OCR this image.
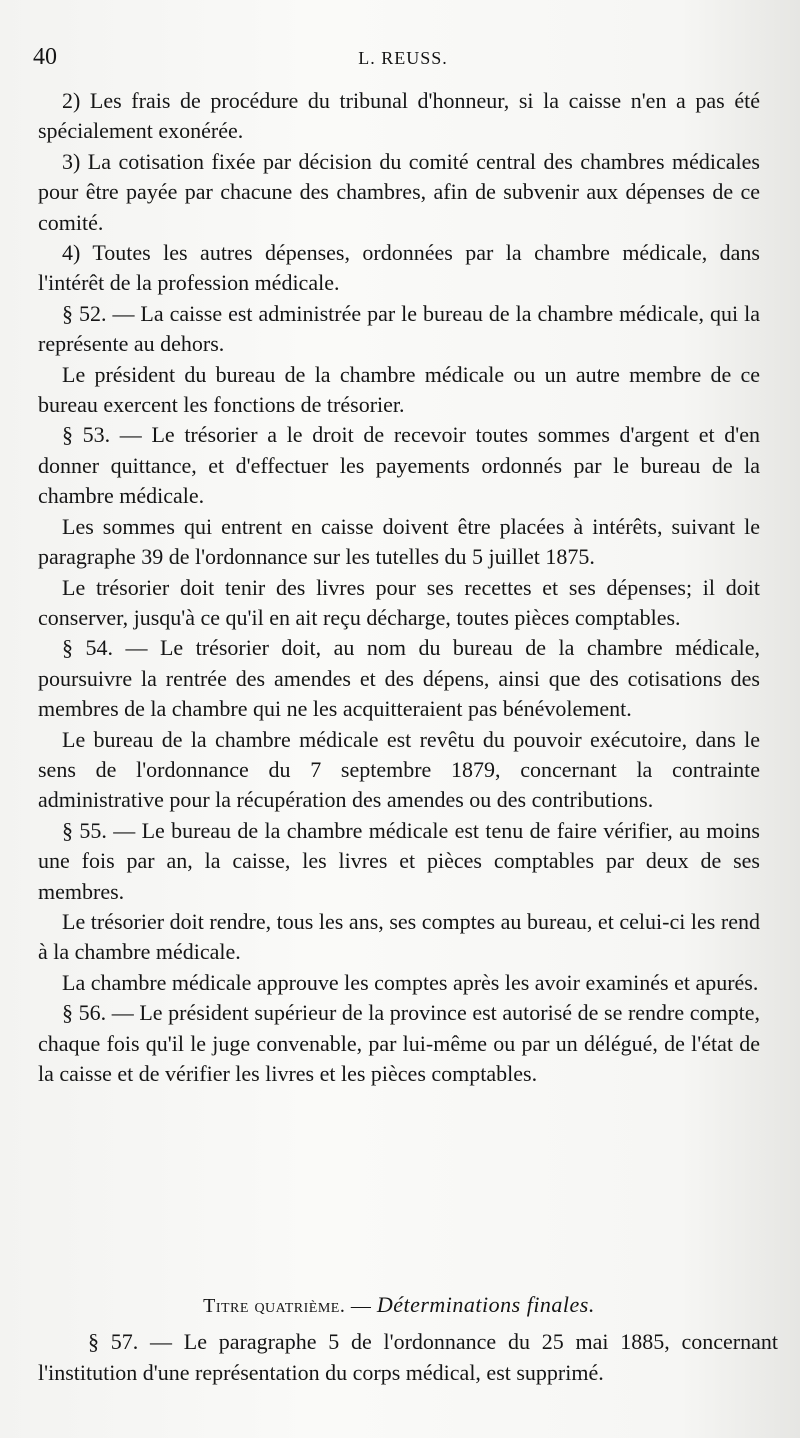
40	L. REUSS.

2) Les frais de procédure du tribunal d'honneur, si la caisse n'en a pas été spécialement exonérée.

3) La cotisation fixée par décision du comité central des chambres médicales pour être payée par chacune des chambres, afin de subvenir aux dépenses de ce comité.

4) Toutes les autres dépenses, ordonnées par la chambre médicale, dans l'intérêt de la profession médicale.

§ 52. — La caisse est administrée par le bureau de la chambre médicale, qui la représente au dehors.

Le président du bureau de la chambre médicale ou un autre membre de ce bureau exercent les fonctions de trésorier.

§ 53. — Le trésorier a le droit de recevoir toutes sommes d'argent et d'en donner quittance, et d'effectuer les payements ordonnés par le bureau de la chambre médicale.

Les sommes qui entrent en caisse doivent être placées à intérêts, suivant le paragraphe 39 de l'ordonnance sur les tutelles du 5 juillet 1875.

Le trésorier doit tenir des livres pour ses recettes et ses dépenses; il doit conserver, jusqu'à ce qu'il en ait reçu décharge, toutes pièces comptables.

§ 54. — Le trésorier doit, au nom du bureau de la chambre médicale, poursuivre la rentrée des amendes et des dépens, ainsi que des cotisations des membres de la chambre qui ne les acquitteraient pas bénévolement.

Le bureau de la chambre médicale est revêtu du pouvoir exécutoire, dans le sens de l'ordonnance du 7 septembre 1879, concernant la contrainte administrative pour la récupération des amendes ou des contributions.

§ 55. — Le bureau de la chambre médicale est tenu de faire vérifier, au moins une fois par an, la caisse, les livres et pièces comptables par deux de ses membres.

Le trésorier doit rendre, tous les ans, ses comptes au bureau, et celui-ci les rend à la chambre médicale.

La chambre médicale approuve les comptes après les avoir examinés et apurés.

§ 56. — Le président supérieur de la province est autorisé de se rendre compte, chaque fois qu'il le juge convenable, par lui-même ou par un délégué, de l'état de la caisse et de vérifier les livres et les pièces comptables.

Titre quatrième. — Déterminations finales.

§ 57. — Le paragraphe 5 de l'ordonnance du 25 mai 1885, concernant l'institution d'une représentation du corps médical, est supprimé.
